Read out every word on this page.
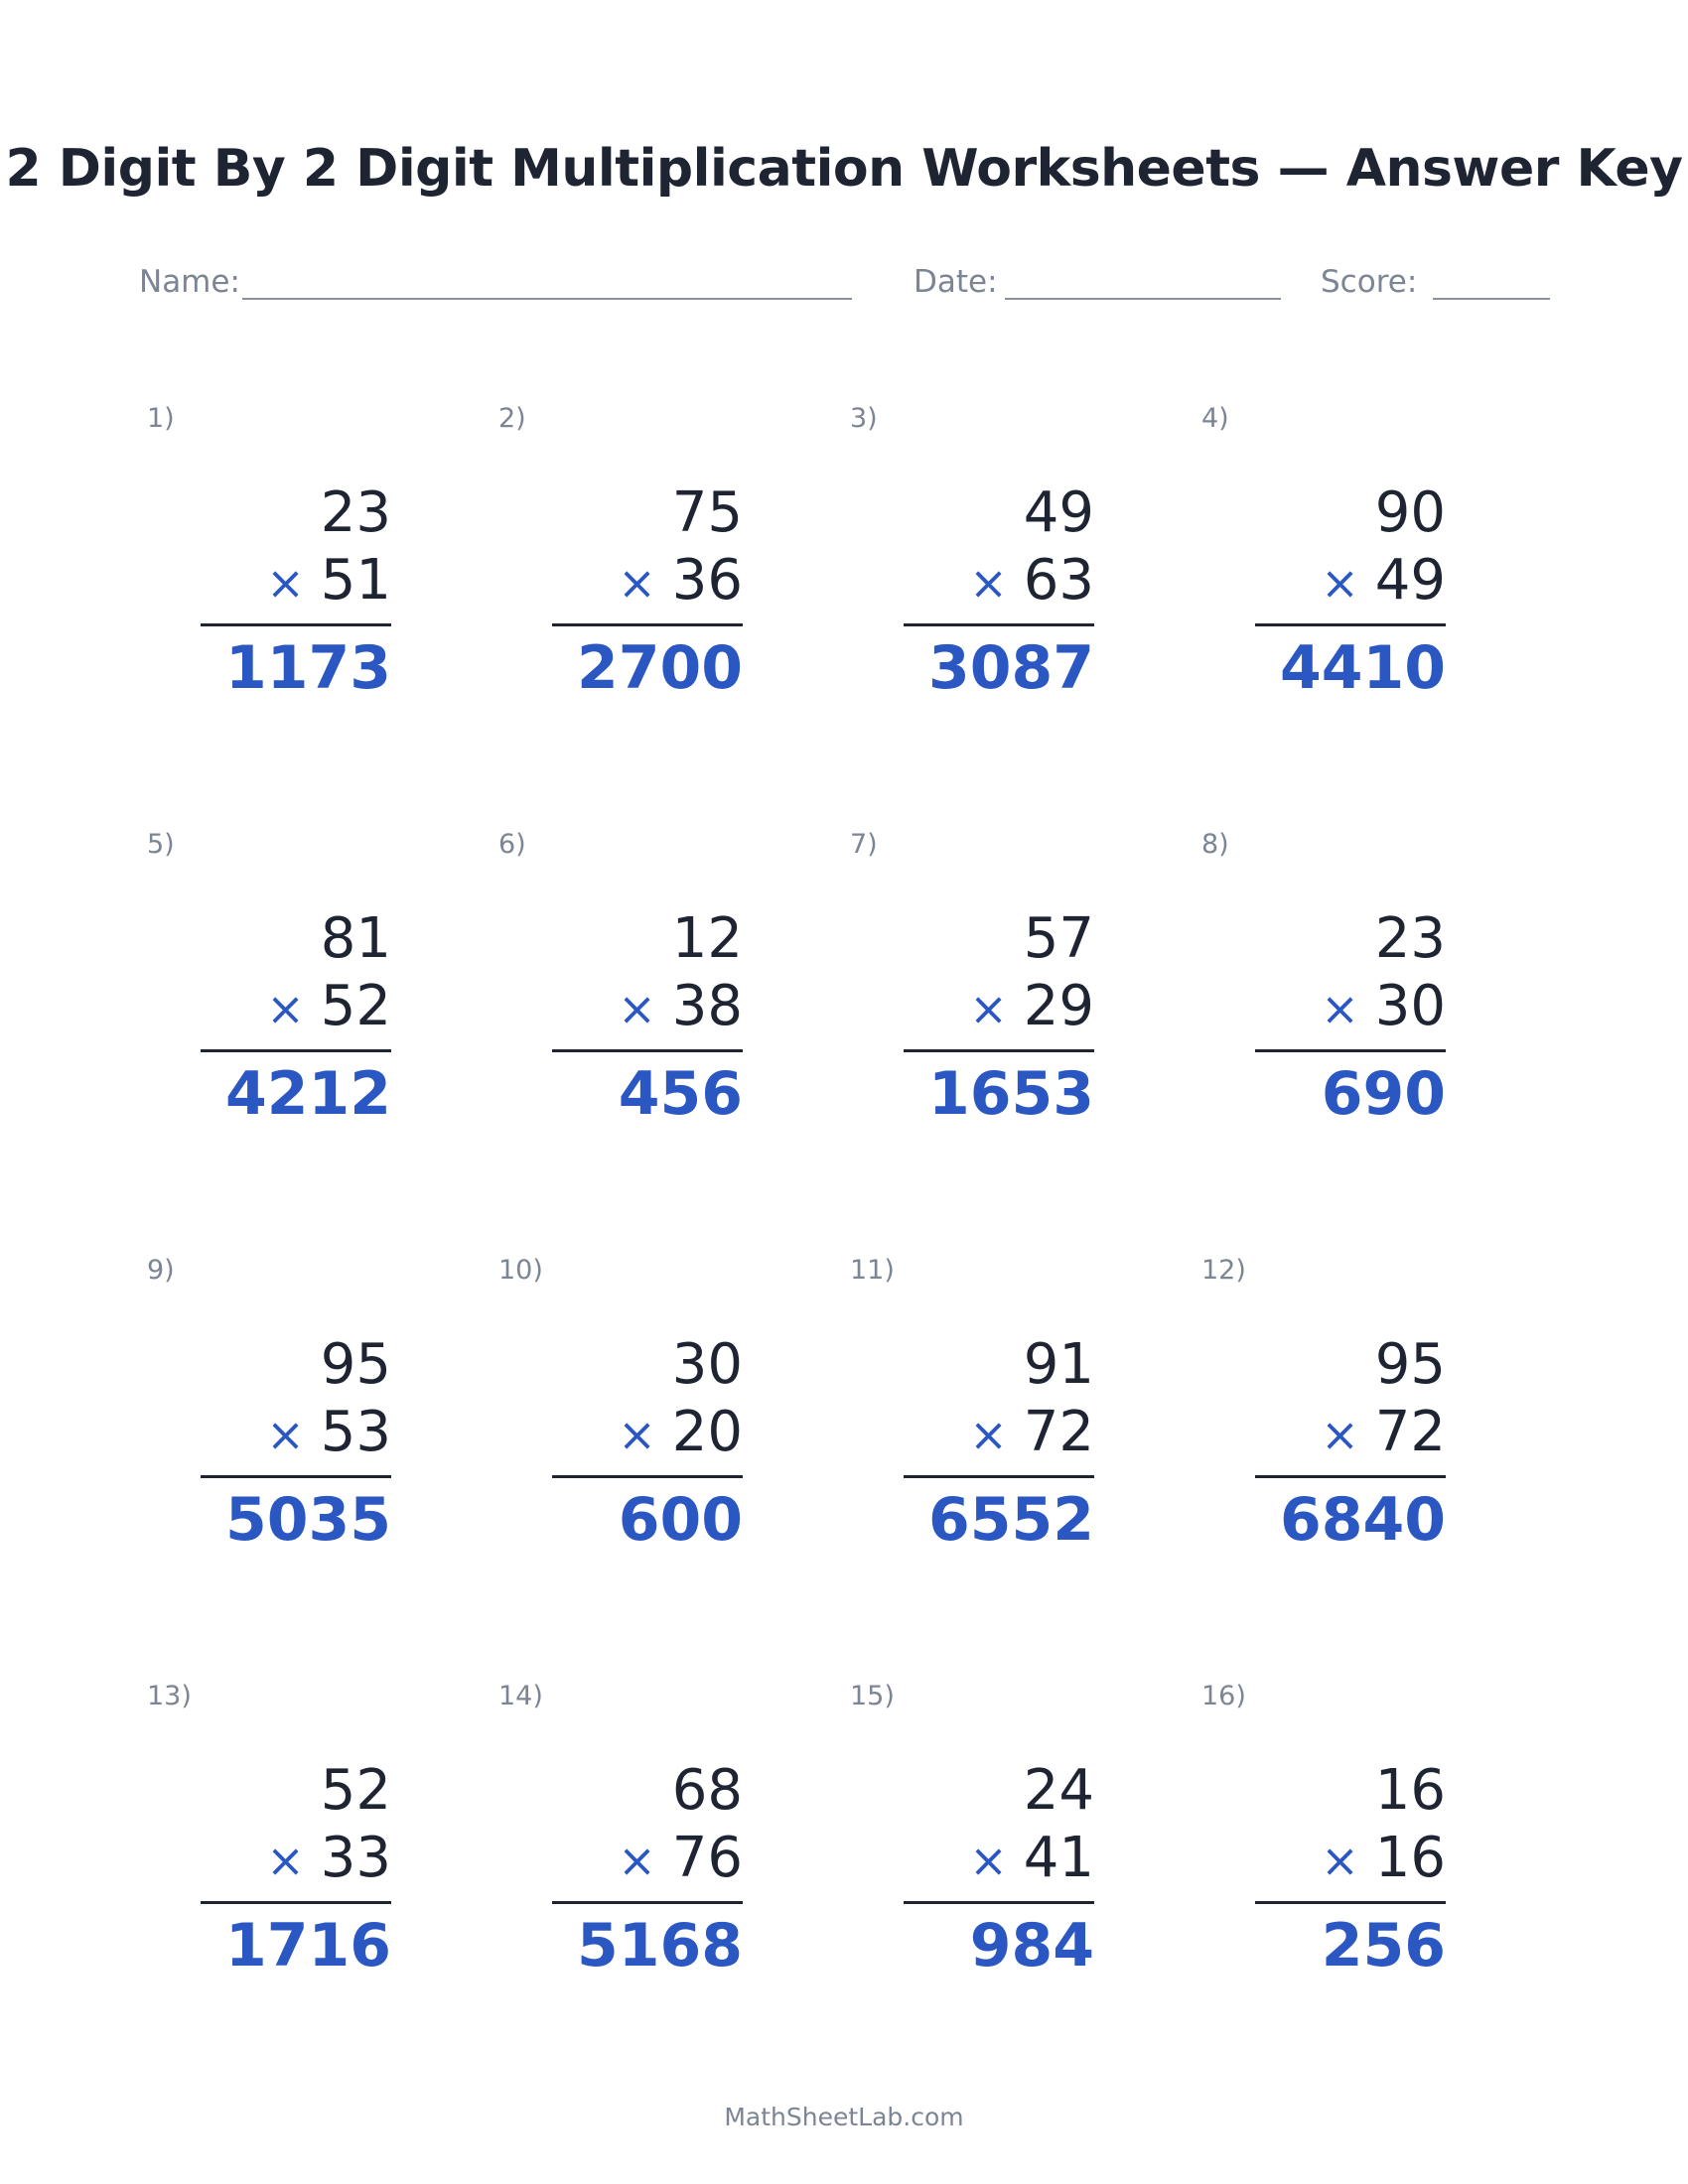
2 Digit By 2 Digit Multiplication Worksheets — Answer Key
Name:	Date:	Score:
1)
23
× 51
1173
2)
75
× 36
2700
3)
49
× 63
3087
4)
90
× 49
4410
5)
81
× 52
4212
6)
12
× 38
456
7)
57
× 29
1653
8)
23
× 30
690
9)
95
× 53
5035
10)
30
× 20
600
11)
91
× 72
6552
12)
95
× 72
6840
13)
52
× 33
1716
14)
68
× 76
5168
15)
24
× 41
984
16)
16
× 16
256
MathSheetLab.com
